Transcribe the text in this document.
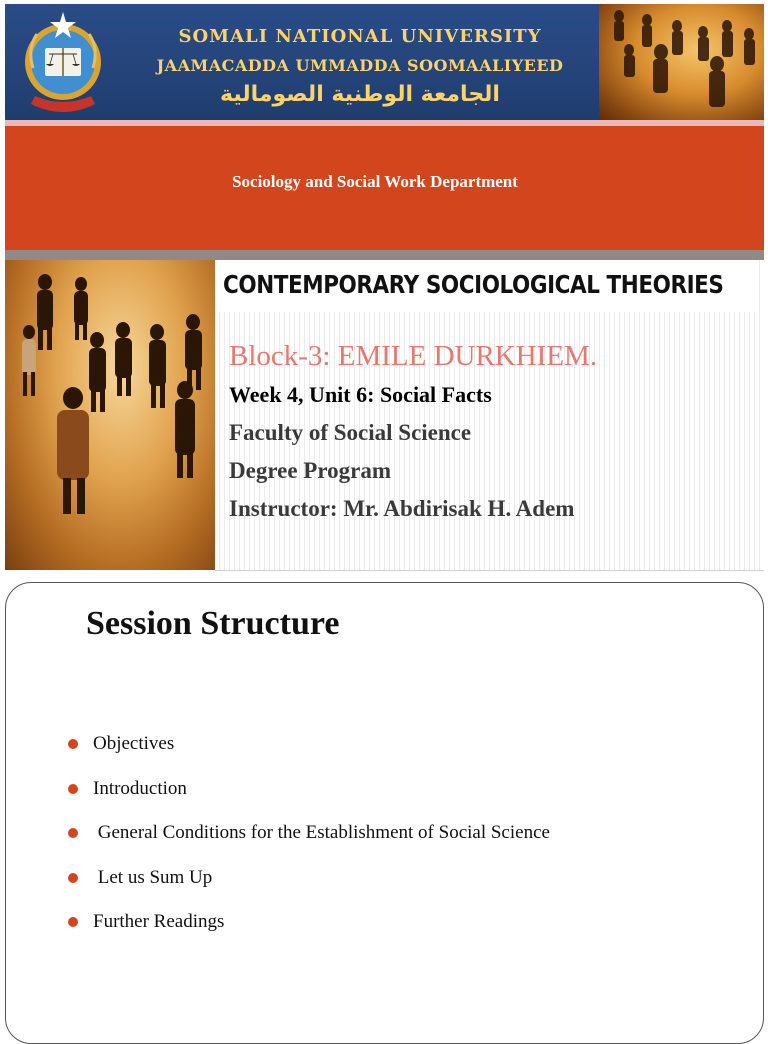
SOMALI NATIONAL UNIVERSITY
JAAMACADDA UMMADDA SOOMAALIYEED
الجامعة الوطنية الصومالية
Sociology and Social Work Department
CONTEMPORARY SOCIOLOGICAL THEORIES
Block-3: EMILE DURKHIEM.
Week 4, Unit 6: Social Facts
Faculty of Social Science
Degree Program
Instructor: Mr. Abdirisak H. Adem
Session Structure
Objectives
Introduction
General Conditions for the Establishment of Social Science
Let us Sum Up
Further Readings
